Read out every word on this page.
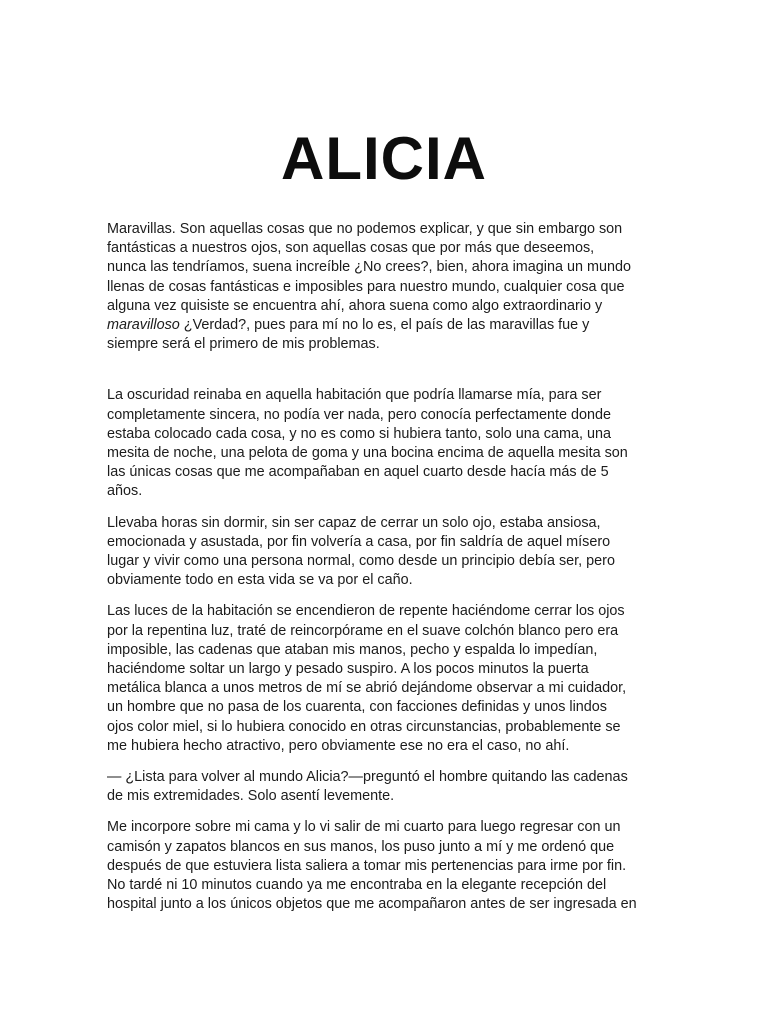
ALICIA

Maravillas. Son aquellas cosas que no podemos explicar, y que sin embargo son
fantásticas a nuestros ojos, son aquellas cosas que por más que deseemos,
nunca las tendríamos, suena increíble ¿No crees?, bien, ahora imagina un mundo
llenas de cosas fantásticas e imposibles para nuestro mundo, cualquier cosa que
alguna vez quisiste se encuentra ahí, ahora suena como algo extraordinario y
maravilloso ¿Verdad?, pues para mí no lo es, el país de las maravillas fue y
siempre será el primero de mis problemas.

La oscuridad reinaba en aquella habitación que podría llamarse mía, para ser
completamente sincera, no podía ver nada, pero conocía perfectamente donde
estaba colocado cada cosa, y no es como si hubiera tanto, solo una cama, una
mesita de noche, una pelota de goma y una bocina encima de aquella mesita son
las únicas cosas que me acompañaban en aquel cuarto desde hacía más de 5
años.

Llevaba horas sin dormir, sin ser capaz de cerrar un solo ojo, estaba ansiosa,
emocionada y asustada, por fin volvería a casa, por fin saldría de aquel mísero
lugar y vivir como una persona normal, como desde un principio debía ser, pero
obviamente todo en esta vida se va por el caño.

Las luces de la habitación se encendieron de repente haciéndome cerrar los ojos
por la repentina luz, traté de reincorpórame en el suave colchón blanco pero era
imposible, las cadenas que ataban mis manos, pecho y espalda lo impedían,
haciéndome soltar un largo y pesado suspiro. A los pocos minutos la puerta
metálica blanca a unos metros de mí se abrió dejándome observar a mi cuidador,
un hombre que no pasa de los cuarenta, con facciones definidas y unos lindos
ojos color miel, si lo hubiera conocido en otras circunstancias, probablemente se
me hubiera hecho atractivo, pero obviamente ese no era el caso, no ahí.

— ¿Lista para volver al mundo Alicia?—preguntó el hombre quitando las cadenas
de mis extremidades. Solo asentí levemente.

Me incorpore sobre mi cama y lo vi salir de mi cuarto para luego regresar con un
camisón y zapatos blancos en sus manos, los puso junto a mí y me ordenó que
después de que estuviera lista saliera a tomar mis pertenencias para irme por fin.
No tardé ni 10 minutos cuando ya me encontraba en la elegante recepción del
hospital junto a los únicos objetos que me acompañaron antes de ser ingresada en
